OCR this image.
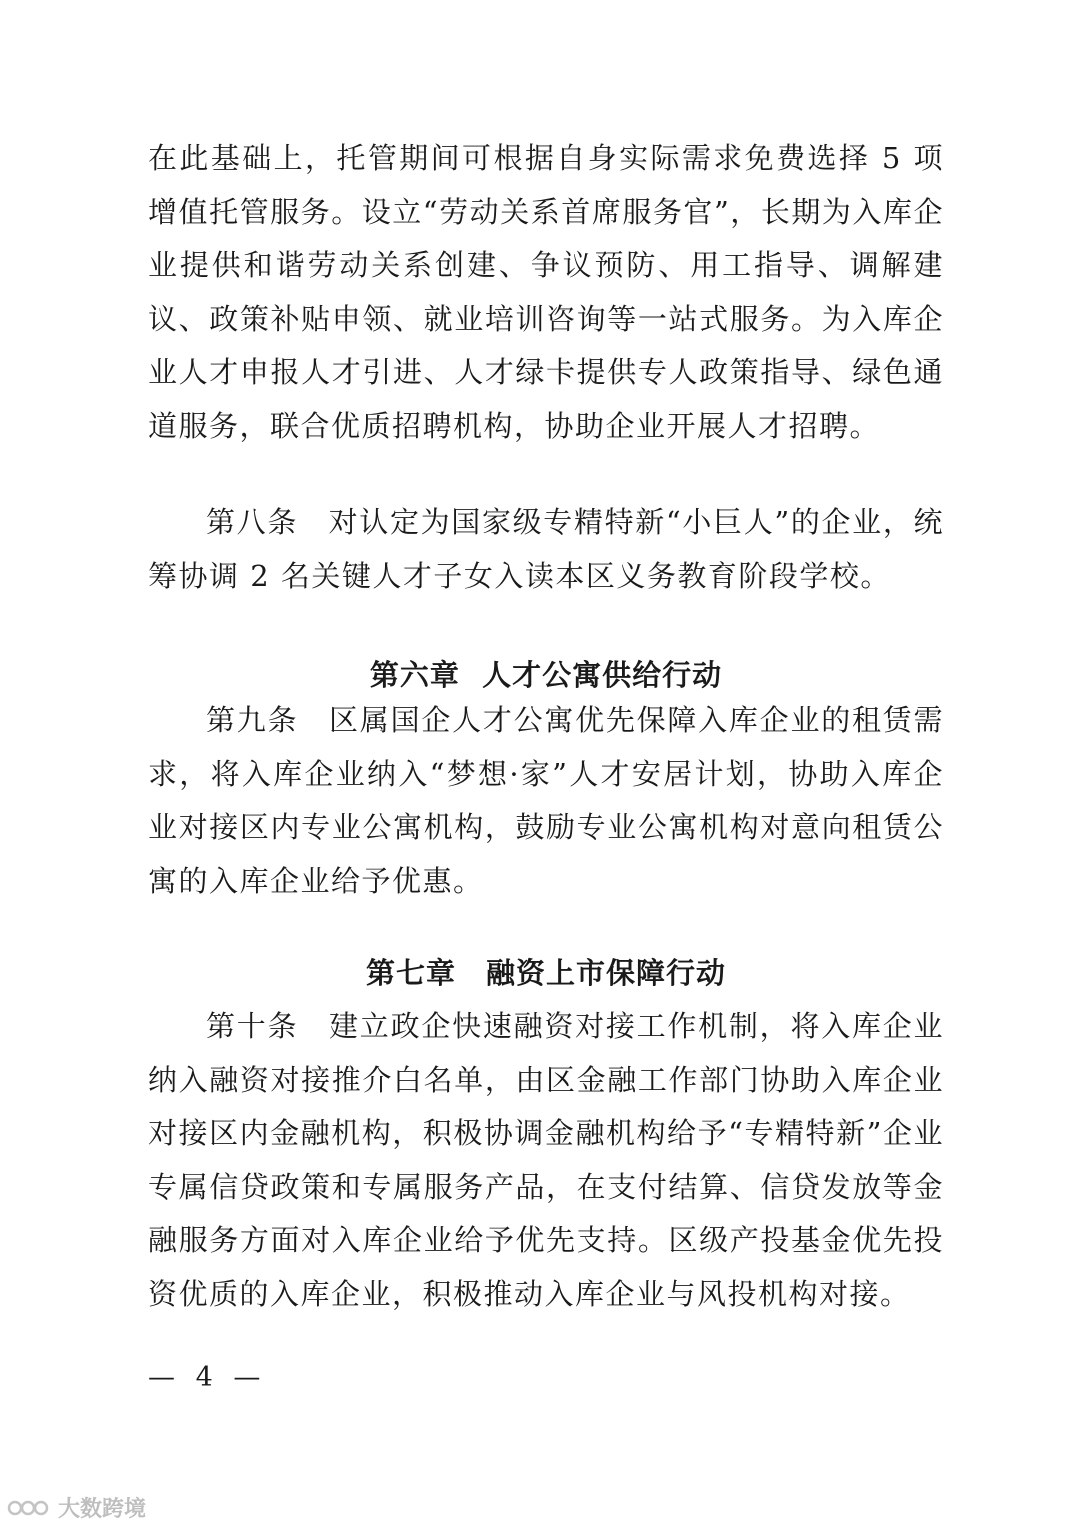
在此基础上，托管期间可根据自身实际需求免费选择 5 项增值托管服务。设立“劳动关系首席服务官”，长期为入库企业提供和谐劳动关系创建、争议预防、用工指导、调解建议、政策补贴申领、就业培训咨询等一站式服务。为入库企业人才申报人才引进、人才绿卡提供专人政策指导、绿色通道服务，联合优质招聘机构，协助企业开展人才招聘。

第八条　对认定为国家级专精特新“小巨人”的企业，统筹协调 2 名关键人才子女入读本区义务教育阶段学校。

第六章  人才公寓供给行动

第九条　区属国企人才公寓优先保障入库企业的租赁需求，将入库企业纳入“梦想·家”人才安居计划，协助入库企业对接区内专业公寓机构，鼓励专业公寓机构对意向租赁公寓的入库企业给予优惠。

第七章　融资上市保障行动

第十条　建立政企快速融资对接工作机制，将入库企业纳入融资对接推介白名单，由区金融工作部门协助入库企业对接区内金融机构，积极协调金融机构给予“专精特新”企业专属信贷政策和专属服务产品，在支付结算、信贷发放等金融服务方面对入库企业给予优先支持。区级产投基金优先投资优质的入库企业，积极推动入库企业与风投机构对接。

— 4 —
大数跨境
